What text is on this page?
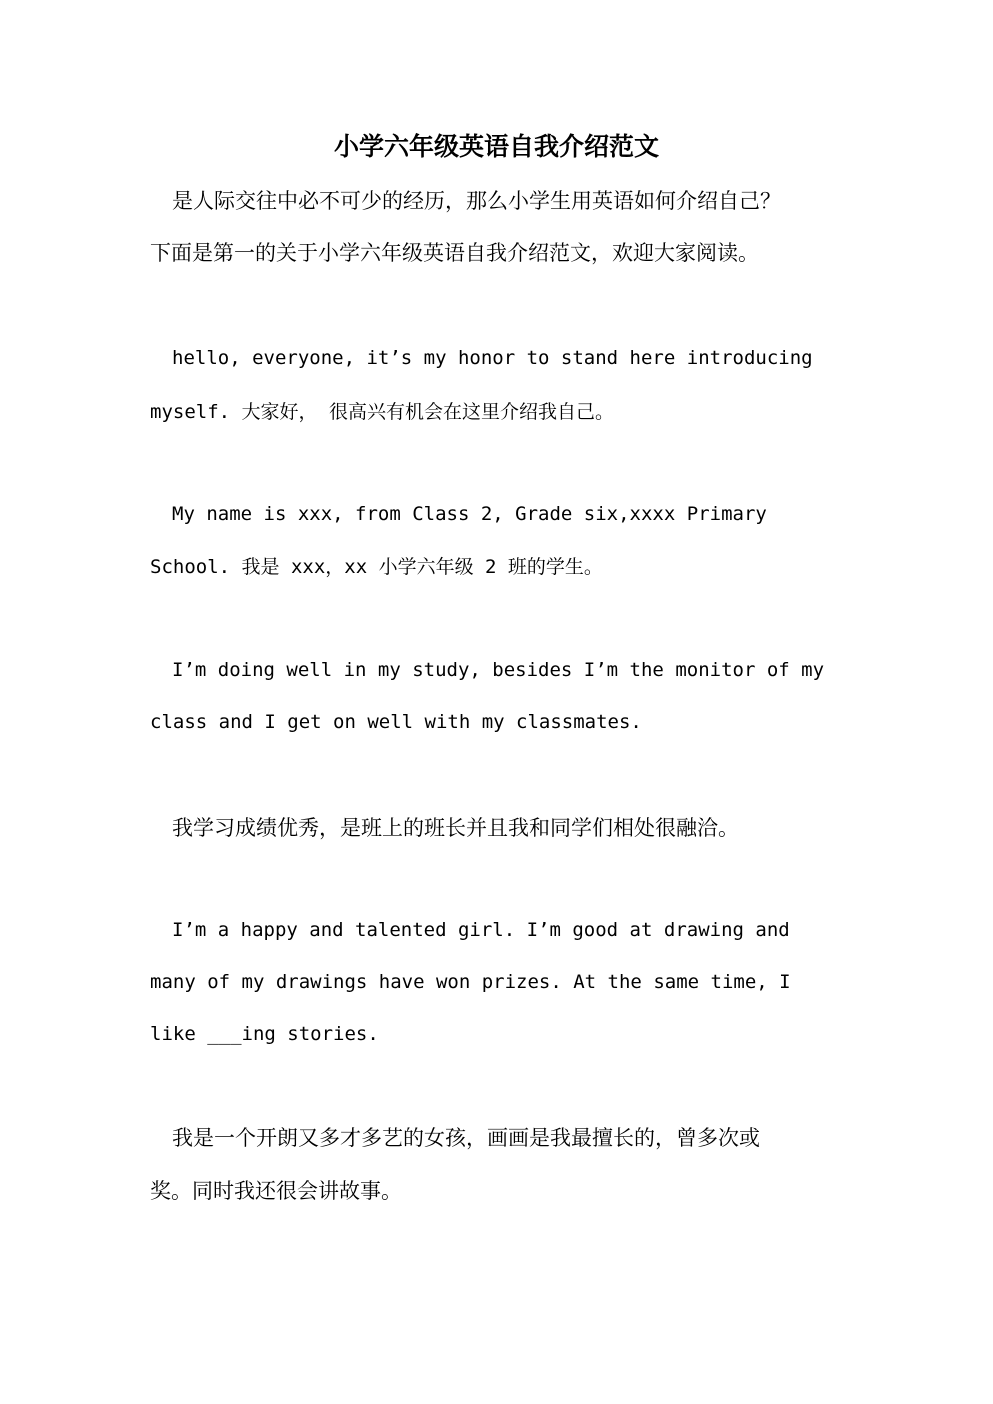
小学六年级英语自我介绍范文
是人际交往中必不可少的经历，那么小学生用英语如何介绍自己？
下面是第一的关于小学六年级英语自我介绍范文，欢迎大家阅读。
hello, everyone, it’s my honor to stand here introducing
myself. 大家好， 很高兴有机会在这里介绍我自己。
My name is xxx, from Class 2, Grade six,xxxx Primary
School. 我是 xxx，xx 小学六年级 2 班的学生。
I’m doing well in my study, besides I’m the monitor of my
class and I get on well with my classmates.
我学习成绩优秀，是班上的班长并且我和同学们相处很融洽。
I’m a happy and talented girl. I’m good at drawing and
many of my drawings have won prizes. At the same time, I
like ___ing stories.
我是一个开朗又多才多艺的女孩，画画是我最擅长的，曾多次或
奖。同时我还很会讲故事。
